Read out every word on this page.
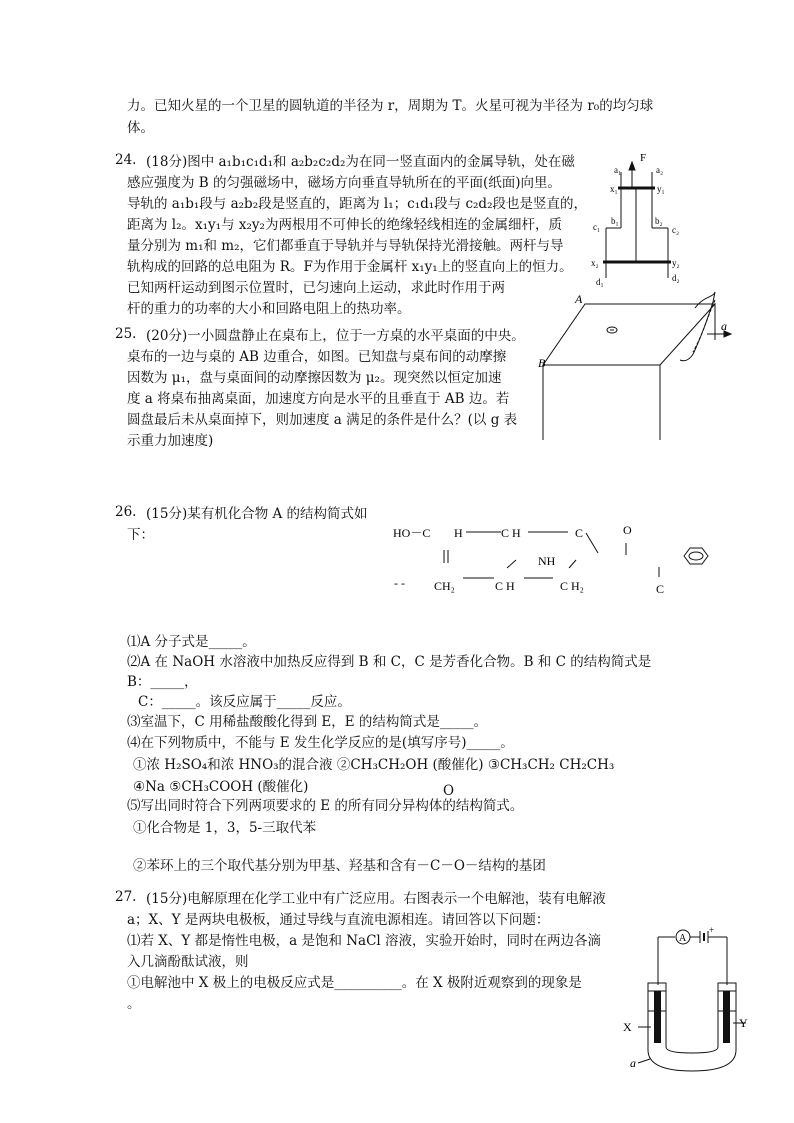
力。已知火星的一个卫星的圆轨道的半径为 r，周期为 T。火星可视为半径为 r₀的均匀球
体。
24. (18分)图中 a₁b₁c₁d₁和 a₂b₂c₂d₂为在同一竖直面内的金属导轨，处在磁
感应强度为 B 的匀强磁场中，磁场方向垂直导轨所在的平面(纸面)向里。
导轨的 a₁b₁段与 a₂b₂段是竖直的，距离为 l₁；c₁d₁段与 c₂d₂段也是竖直的，
距离为 l₂。x₁y₁与 x₂y₂为两根用不可伸长的绝缘轻线相连的金属细杆，质
量分别为 m₁和 m₂，它们都垂直于导轨并与导轨保持光滑接触。两杆与导
轨构成的回路的总电阻为 R。F为作用于金属杆 x₁y₁上的竖直向上的恒力。
已知两杆运动到图示位置时，已匀速向上运动，求此时作用于两
杆的重力的功率的大小和回路电阻上的热功率。
F
a₁	a₂
x₁	y₁
b₁	b₂
c₁	c₂
x₂	y₂
d₁	d₂
25. (20分)一小圆盘静止在桌布上，位于一方桌的水平桌面的中央。
桌布的一边与桌的 AB 边重合，如图。已知盘与桌布间的动摩擦
因数为 μ₁，盘与桌面间的动摩擦因数为 μ₂。现突然以恒定加速
度 a 将桌布抽离桌面，加速度方向是水平的且垂直于 AB 边。若
圆盘最后未从桌面掉下，则加速度 a 满足的条件是什么？(以 g 表
示重力加速度)
A
B
a
26. (15分)某有机化合物 A 的结构简式如
下：	HO－C H	C H	C	O
NH
- - CH₂	C H	C H₂	C
⑴A 分子式是_____。
⑵A 在 NaOH 水溶液中加热反应得到 B 和 C，C 是芳香化合物。B 和 C 的结构简式是
B：_____，
C：_____。该反应属于_____反应。
⑶室温下，C 用稀盐酸酸化得到 E，E 的结构简式是_____。
⑷在下列物质中，不能与 E 发生化学反应的是(填写序号)_____。
①浓 H₂SO₄和浓 HNO₃的混合液 ②CH₃CH₂OH (酸催化) ③CH₃CH₂ CH₂CH₃
④Na ⑤CH₃COOH (酸催化)	O
⑸写出同时符合下列两项要求的 E 的所有同分异构体的结构简式。
①化合物是 1，3，5-三取代苯
②苯环上的三个取代基分别为甲基、羟基和含有－C－O－结构的基团
27. (15分)电解原理在化学工业中有广泛应用。右图表示一个电解池，装有电解液
a；X、Y 是两块电极板，通过导线与直流电源相连。请回答以下问题：
⑴若 X、Y 都是惰性电极，a 是饱和 NaCl 溶液，实验开始时，同时在两边各滴
入几滴酚酞试液，则
①电解池中 X 极上的电极反应式是__________。在 X 极附近观察到的现象是
。
A
+
X	Y
a
